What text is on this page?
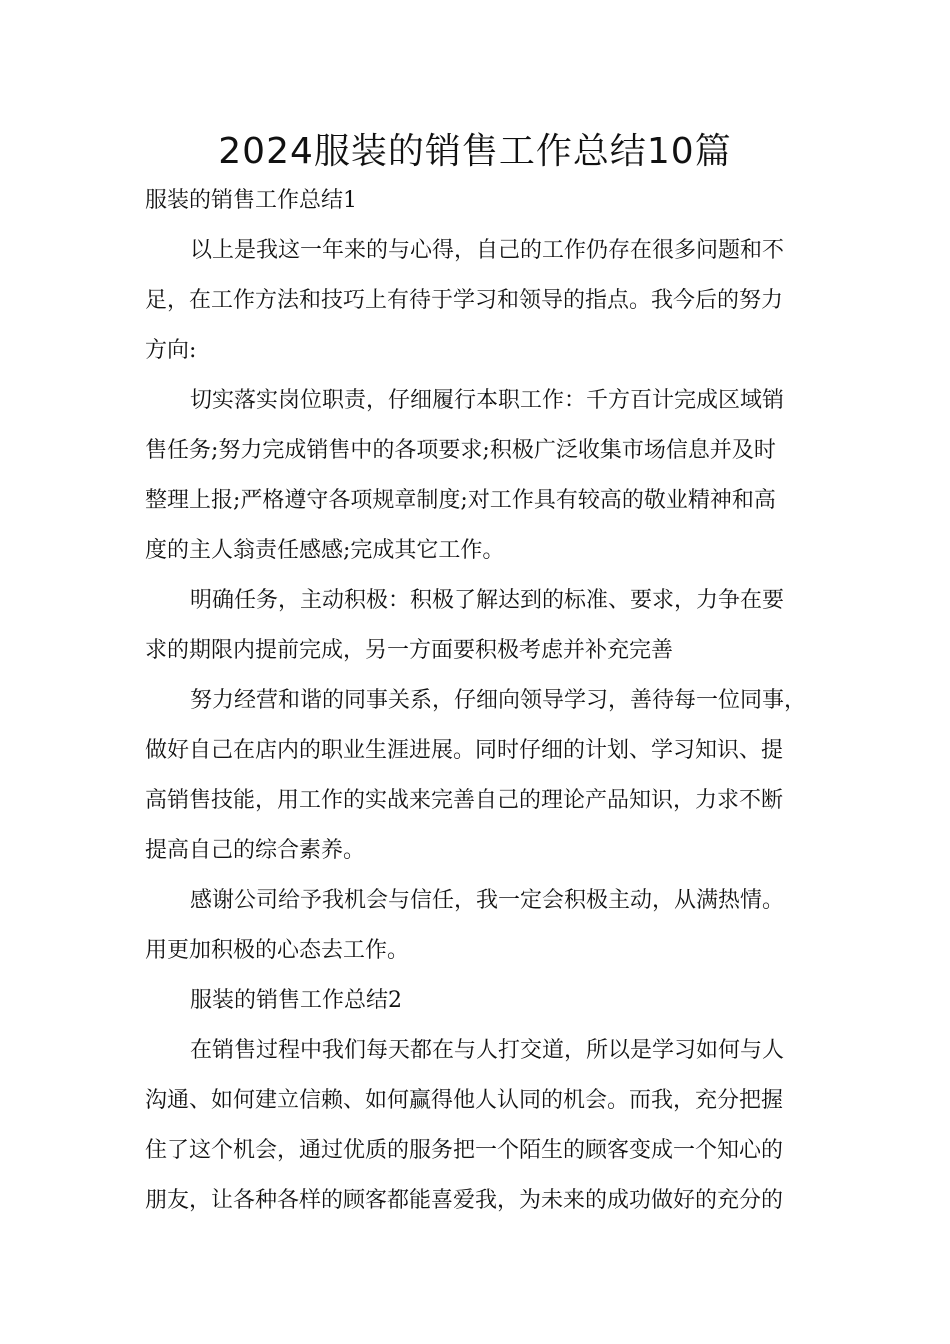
2024服装的销售工作总结10篇
服装的销售工作总结1
以上是我这一年来的与心得，自己的工作仍存在很多问题和不
足，在工作方法和技巧上有待于学习和领导的指点。我今后的努力
方向:
切实落实岗位职责，仔细履行本职工作：千方百计完成区域销
售任务;努力完成销售中的各项要求;积极广泛收集市场信息并及时
整理上报;严格遵守各项规章制度;对工作具有较高的敬业精神和高
度的主人翁责任感感;完成其它工作。
明确任务，主动积极：积极了解达到的标准、要求，力争在要
求的期限内提前完成，另一方面要积极考虑并补充完善
努力经营和谐的同事关系，仔细向领导学习，善待每一位同事，
做好自己在店内的职业生涯进展。同时仔细的计划、学习知识、提
高销售技能，用工作的实战来完善自己的理论产品知识，力求不断
提高自己的综合素养。
感谢公司给予我机会与信任，我一定会积极主动，从满热情。
用更加积极的心态去工作。
服装的销售工作总结2
在销售过程中我们每天都在与人打交道，所以是学习如何与人
沟通、如何建立信赖、如何赢得他人认同的机会。而我，充分把握
住了这个机会，通过优质的服务把一个陌生的顾客变成一个知心的
朋友，让各种各样的顾客都能喜爱我，为未来的成功做好的充分的
